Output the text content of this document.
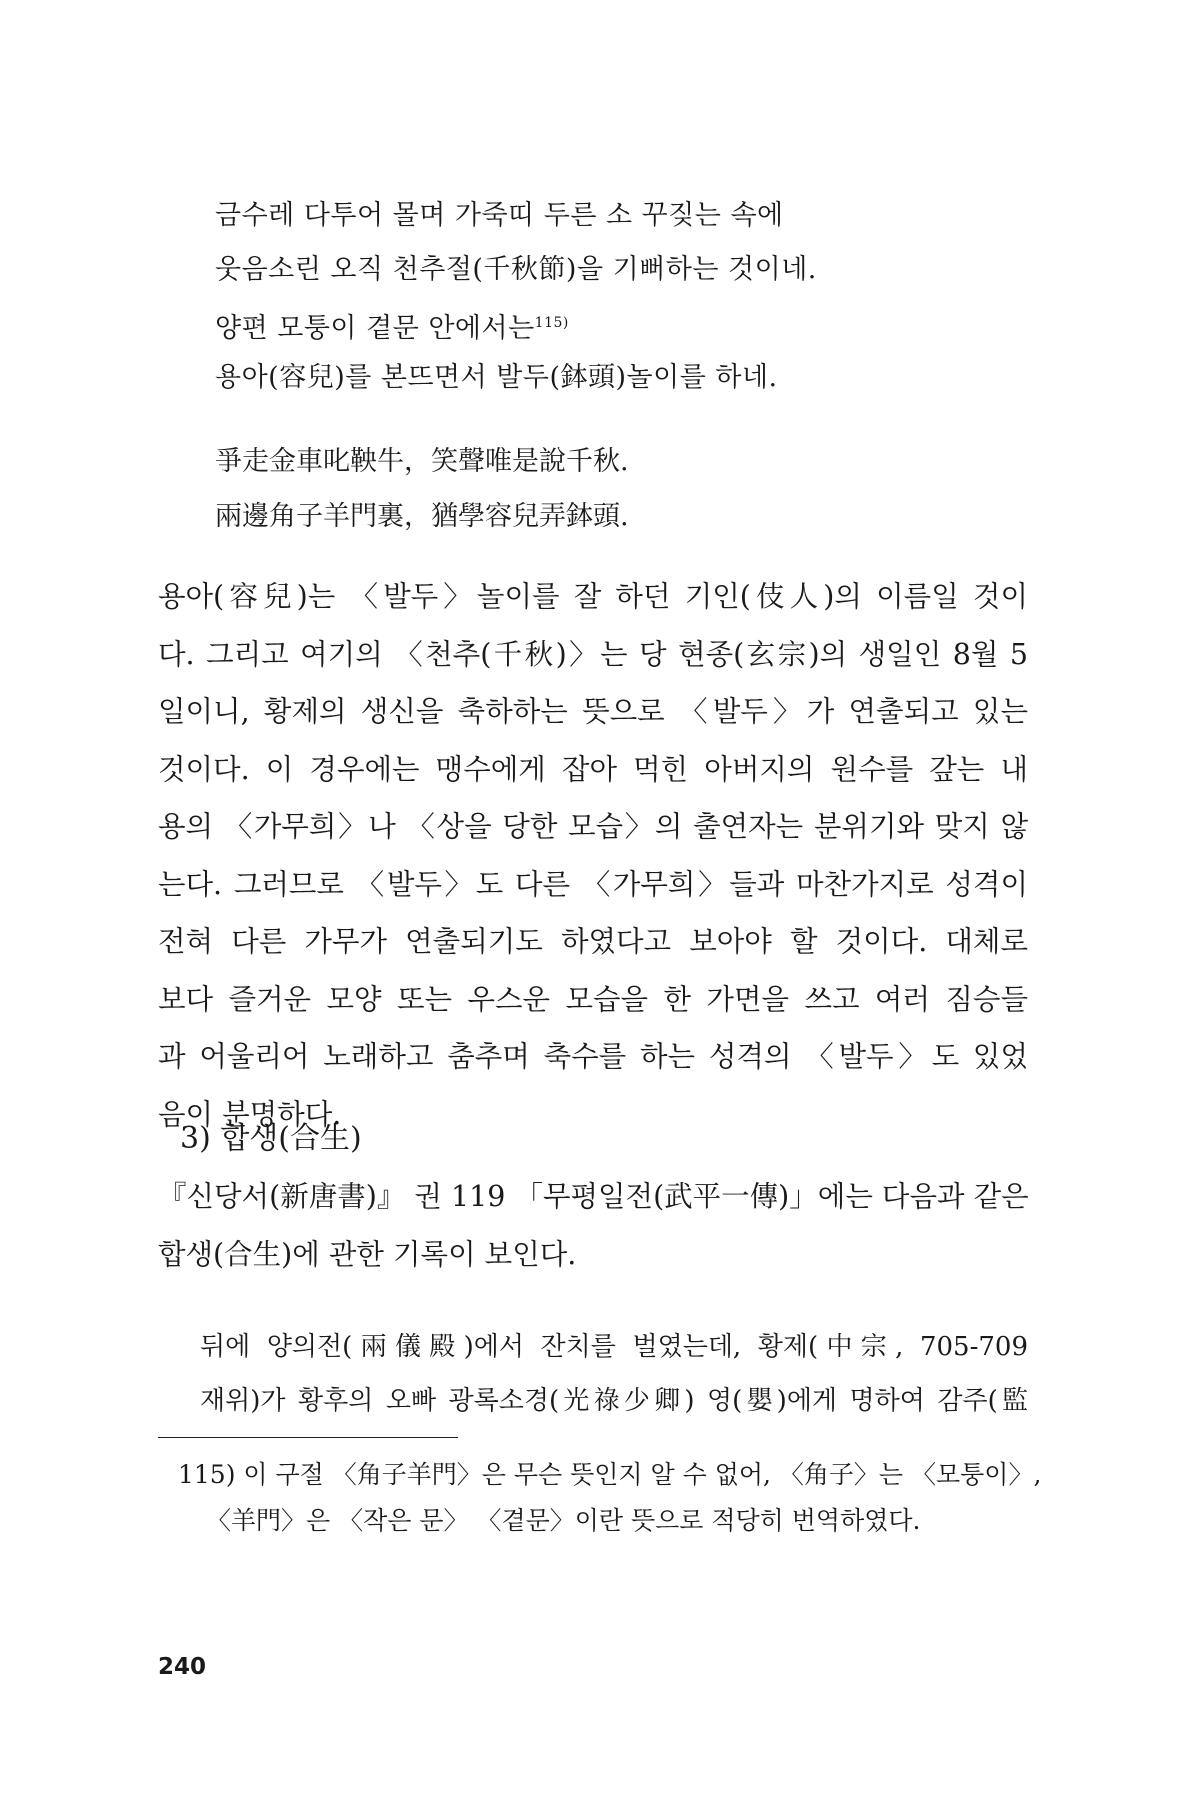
금수레 다투어 몰며 가죽띠 두른 소 꾸짖는 속에
웃음소린 오직 천추절(千秋節)을 기뻐하는 것이네.
양편 모퉁이 곁문 안에서는$^{115)}$
용아(容兒)를 본뜨면서 발두(鉢頭)놀이를 하네.
爭走金車叱鞅牛，笑聲唯是說千秋.
兩邊角子羊門裏，猶學容兒弄鉢頭.
용아(容兒)는 〈발두〉놀이를 잘 하던 기인(伎人)의 이름일 것이
다. 그리고 여기의 〈천추(千秋)〉는 당 현종(玄宗)의 생일인 8월 5
일이니, 황제의 생신을 축하하는 뜻으로 〈발두〉가 연출되고 있는
것이다. 이 경우에는 맹수에게 잡아 먹힌 아버지의 원수를 갚는 내
용의 〈가무희〉나 〈상을 당한 모습〉의 출연자는 분위기와 맞지 않
는다. 그러므로 〈발두〉도 다른 〈가무희〉들과 마찬가지로 성격이
전혀 다른 가무가 연출되기도 하였다고 보아야 할 것이다. 대체로
보다 즐거운 모양 또는 우스운 모습을 한 가면을 쓰고 여러 짐승들
과 어울리어 노래하고 춤추며 축수를 하는 성격의 〈발두〉도 있었
음이 분명하다.
3) 합생(合生)
『신당서(新唐書)』 권 119 「무평일전(武平一傳)」에는 다음과 같은
합생(合生)에 관한 기록이 보인다.
뒤에 양의전(兩儀殿)에서 잔치를 벌였는데, 황제(中宗, 705-709
재위)가 황후의 오빠 광록소경(光祿少卿) 영(嬰)에게 명하여 감주(監
115) 이 구절 〈角子羊門〉은 무슨 뜻인지 알 수 없어, 〈角子〉는 〈모퉁이〉,
〈羊門〉은 〈작은 문〉 〈곁문〉이란 뜻으로 적당히 번역하였다.
240
